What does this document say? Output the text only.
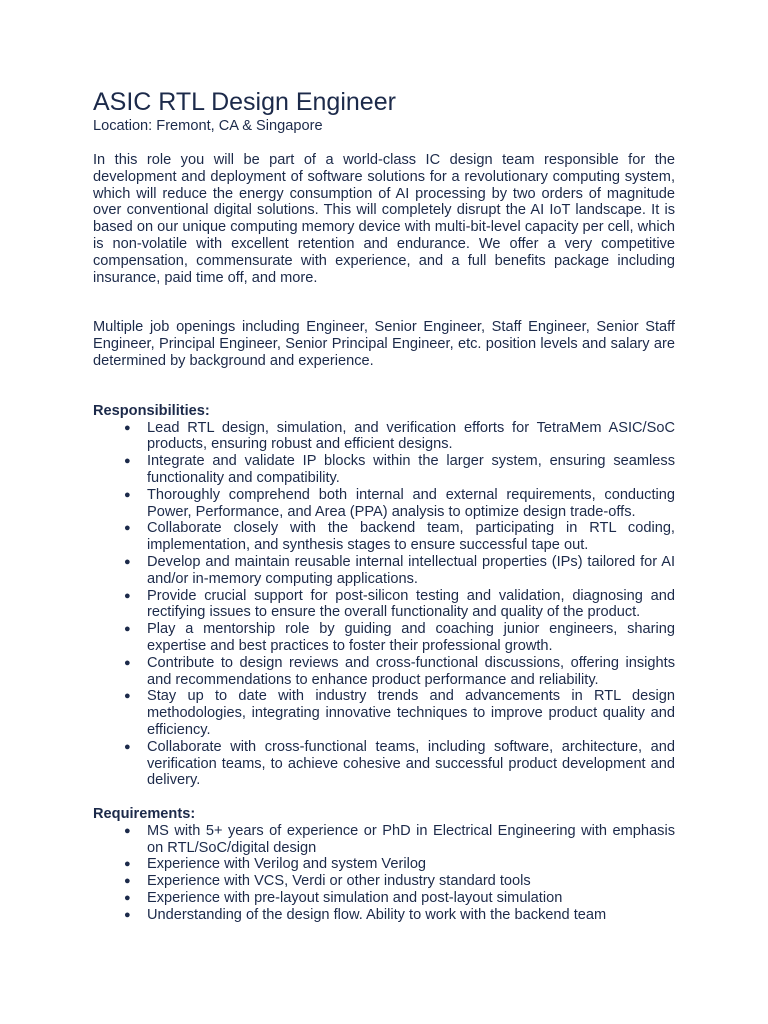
ASIC RTL Design Engineer

Location: Fremont, CA & Singapore

In this role you will be part of a world-class IC design team responsible for the development and deployment of software solutions for a revolutionary computing system, which will reduce the energy consumption of AI processing by two orders of magnitude over conventional digital solutions. This will completely disrupt the AI IoT landscape. It is based on our unique computing memory device with multi-bit-level capacity per cell, which is non-volatile with excellent retention and endurance. We offer a very competitive compensation, commensurate with experience, and a full benefits package including insurance, paid time off, and more.

Multiple job openings including Engineer, Senior Engineer, Staff Engineer, Senior Staff Engineer, Principal Engineer, Senior Principal Engineer, etc. position levels and salary are determined by background and experience.

Responsibilities:

● Lead RTL design, simulation, and verification efforts for TetraMem ASIC/SoC products, ensuring robust and efficient designs.
● Integrate and validate IP blocks within the larger system, ensuring seamless functionality and compatibility.
● Thoroughly comprehend both internal and external requirements, conducting Power, Performance, and Area (PPA) analysis to optimize design trade-offs.
● Collaborate closely with the backend team, participating in RTL coding, implementation, and synthesis stages to ensure successful tape out.
● Develop and maintain reusable internal intellectual properties (IPs) tailored for AI and/or in-memory computing applications.
● Provide crucial support for post-silicon testing and validation, diagnosing and rectifying issues to ensure the overall functionality and quality of the product.
● Play a mentorship role by guiding and coaching junior engineers, sharing expertise and best practices to foster their professional growth.
● Contribute to design reviews and cross-functional discussions, offering insights and recommendations to enhance product performance and reliability.
● Stay up to date with industry trends and advancements in RTL design methodologies, integrating innovative techniques to improve product quality and efficiency.
● Collaborate with cross-functional teams, including software, architecture, and verification teams, to achieve cohesive and successful product development and delivery.

Requirements:

● MS with 5+ years of experience or PhD in Electrical Engineering with emphasis on RTL/SoC/digital design
● Experience with Verilog and system Verilog
● Experience with VCS, Verdi or other industry standard tools
● Experience with pre-layout simulation and post-layout simulation
● Understanding of the design flow. Ability to work with the backend team
